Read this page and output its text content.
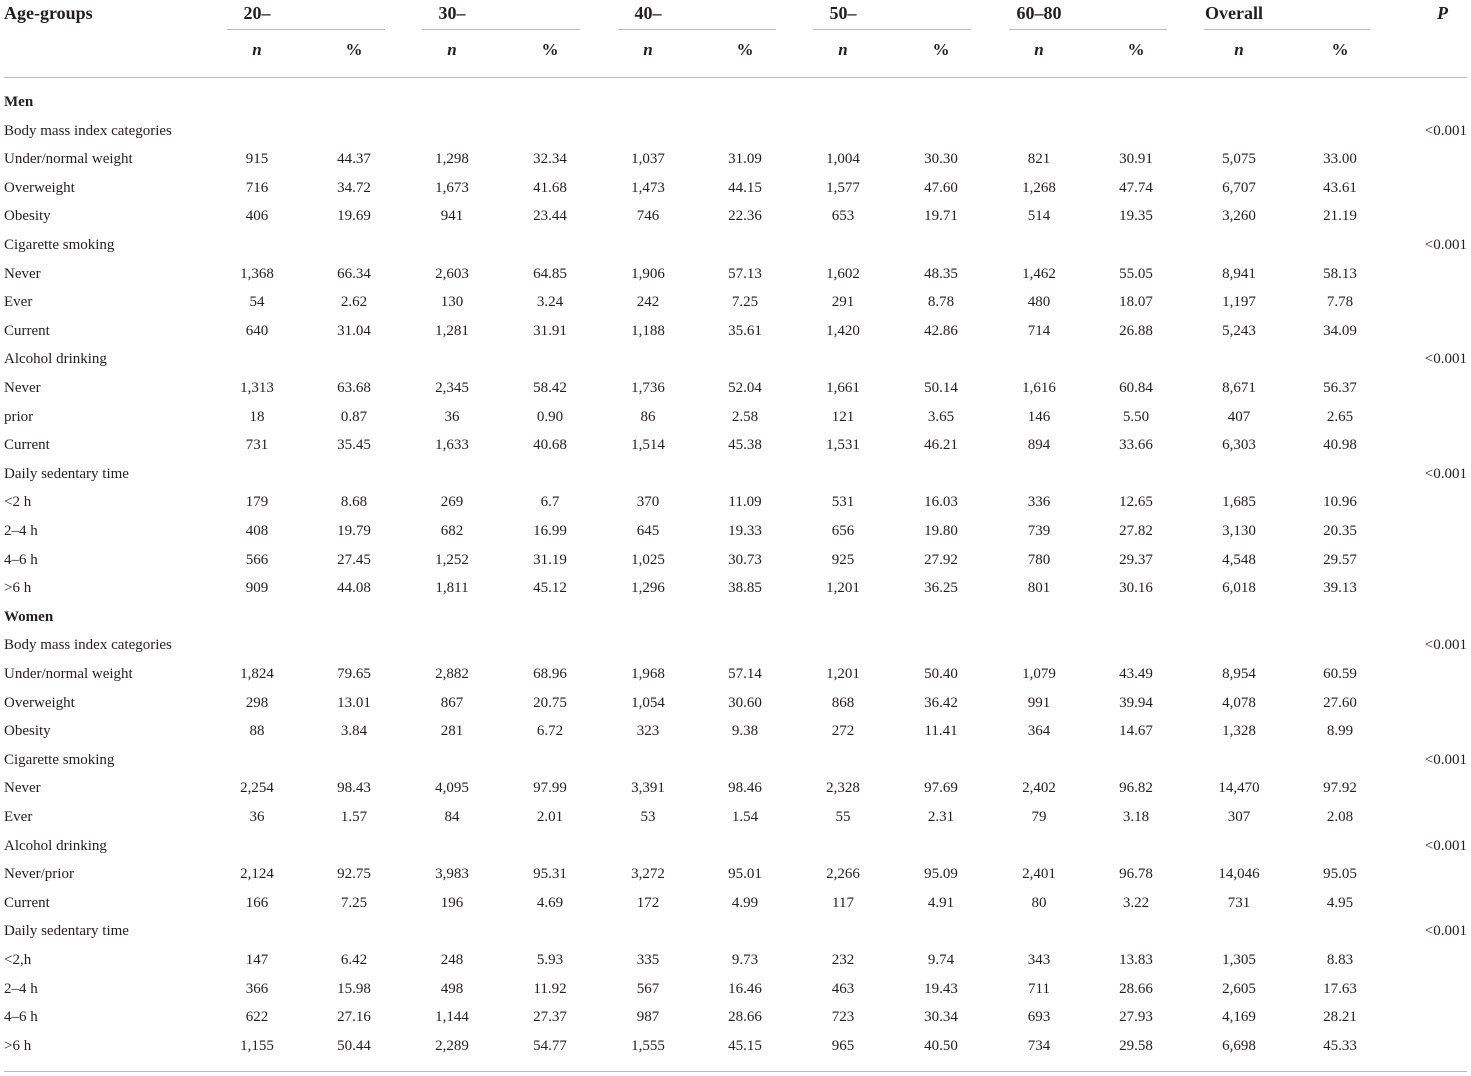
Age-groups	20–	30–	40–	50–	60–80	Overall	P
n	%	n	%	n	%	n	%	n	%	n	%
Men
Body mass index categories	<0.001
Under/normal weight	915	44.37	1,298	32.34	1,037	31.09	1,004	30.30	821	30.91	5,075	33.00
Overweight	716	34.72	1,673	41.68	1,473	44.15	1,577	47.60	1,268	47.74	6,707	43.61
Obesity	406	19.69	941	23.44	746	22.36	653	19.71	514	19.35	3,260	21.19
Cigarette smoking	<0.001
Never	1,368	66.34	2,603	64.85	1,906	57.13	1,602	48.35	1,462	55.05	8,941	58.13
Ever	54	2.62	130	3.24	242	7.25	291	8.78	480	18.07	1,197	7.78
Current	640	31.04	1,281	31.91	1,188	35.61	1,420	42.86	714	26.88	5,243	34.09
Alcohol drinking	<0.001
Never	1,313	63.68	2,345	58.42	1,736	52.04	1,661	50.14	1,616	60.84	8,671	56.37
prior	18	0.87	36	0.90	86	2.58	121	3.65	146	5.50	407	2.65
Current	731	35.45	1,633	40.68	1,514	45.38	1,531	46.21	894	33.66	6,303	40.98
Daily sedentary time	<0.001
<2 h	179	8.68	269	6.7	370	11.09	531	16.03	336	12.65	1,685	10.96
2–4 h	408	19.79	682	16.99	645	19.33	656	19.80	739	27.82	3,130	20.35
4–6 h	566	27.45	1,252	31.19	1,025	30.73	925	27.92	780	29.37	4,548	29.57
>6 h	909	44.08	1,811	45.12	1,296	38.85	1,201	36.25	801	30.16	6,018	39.13
Women
Body mass index categories	<0.001
Under/normal weight	1,824	79.65	2,882	68.96	1,968	57.14	1,201	50.40	1,079	43.49	8,954	60.59
Overweight	298	13.01	867	20.75	1,054	30.60	868	36.42	991	39.94	4,078	27.60
Obesity	88	3.84	281	6.72	323	9.38	272	11.41	364	14.67	1,328	8.99
Cigarette smoking	<0.001
Never	2,254	98.43	4,095	97.99	3,391	98.46	2,328	97.69	2,402	96.82	14,470	97.92
Ever	36	1.57	84	2.01	53	1.54	55	2.31	79	3.18	307	2.08
Alcohol drinking	<0.001
Never/prior	2,124	92.75	3,983	95.31	3,272	95.01	2,266	95.09	2,401	96.78	14,046	95.05
Current	166	7.25	196	4.69	172	4.99	117	4.91	80	3.22	731	4.95
Daily sedentary time	<0.001
<2,h	147	6.42	248	5.93	335	9.73	232	9.74	343	13.83	1,305	8.83
2–4 h	366	15.98	498	11.92	567	16.46	463	19.43	711	28.66	2,605	17.63
4–6 h	622	27.16	1,144	27.37	987	28.66	723	30.34	693	27.93	4,169	28.21
>6 h	1,155	50.44	2,289	54.77	1,555	45.15	965	40.50	734	29.58	6,698	45.33
